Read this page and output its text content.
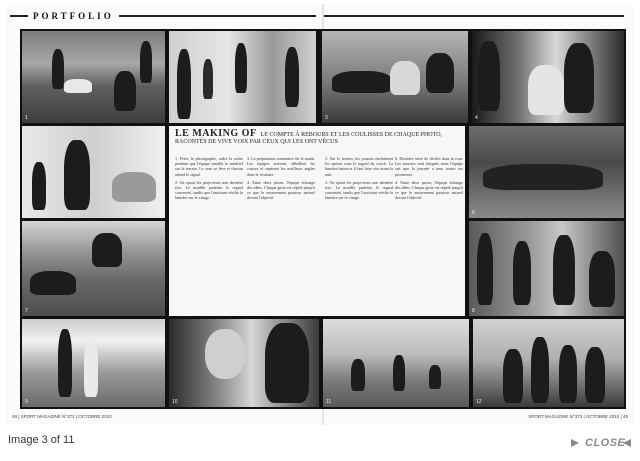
PORTFOLIO
1	2	3	4
LE MAKING OF LE COMPTE À REBOURS ET LES COULISSES DE CHAQUE PHOTO, RACONTÉS DE VIVE VOIX PAR CEUX QUI LES ONT VÉCUS

1. Peter, le photographe, cadre la scène pendant que l'équipe installe le matériel sur le terrain. Le vent se lève et chacun attend le signal.

2. On ajuste les projecteurs une dernière fois. Le modèle patiente, le regard concentré, tandis que l'assistant vérifie la lumière sur le visage.

3. La préparation commence tôt le matin. Les équipes arrivent, déballent les caisses et repèrent les meilleurs angles dans le vestiaire.

4. Entre deux prises, l'équipe échange des idées. Chaque geste est répété jusqu'à ce que le mouvement paraisse naturel devant l'objectif.

5. Sur le terrain, les joueurs enchaînent les sprints sous le regard du coach. La lumière baisse et il faut faire vite avant la nuit.

2. On ajuste les projecteurs une dernière fois. Le modèle patiente, le regard concentré, tandis que l'assistant vérifie la lumière sur le visage.

6. Dernière série de clichés dans la cour. Les sourires sont fatigués mais l'équipe sait que la journée a tenu toutes ses promesses.

4. Entre deux prises, l'équipe échange des idées. Chaque geste est répété jusqu'à ce que le mouvement paraisse naturel devant l'objectif.

5	6
7	8
9	10	11	12
48 | SPORT MAGAZINE N°372 | OCTOBRE 2010	SPORT MAGAZINE N°372 | OCTOBRE 2010 | 49
Image 3 of 11	CLOSE
